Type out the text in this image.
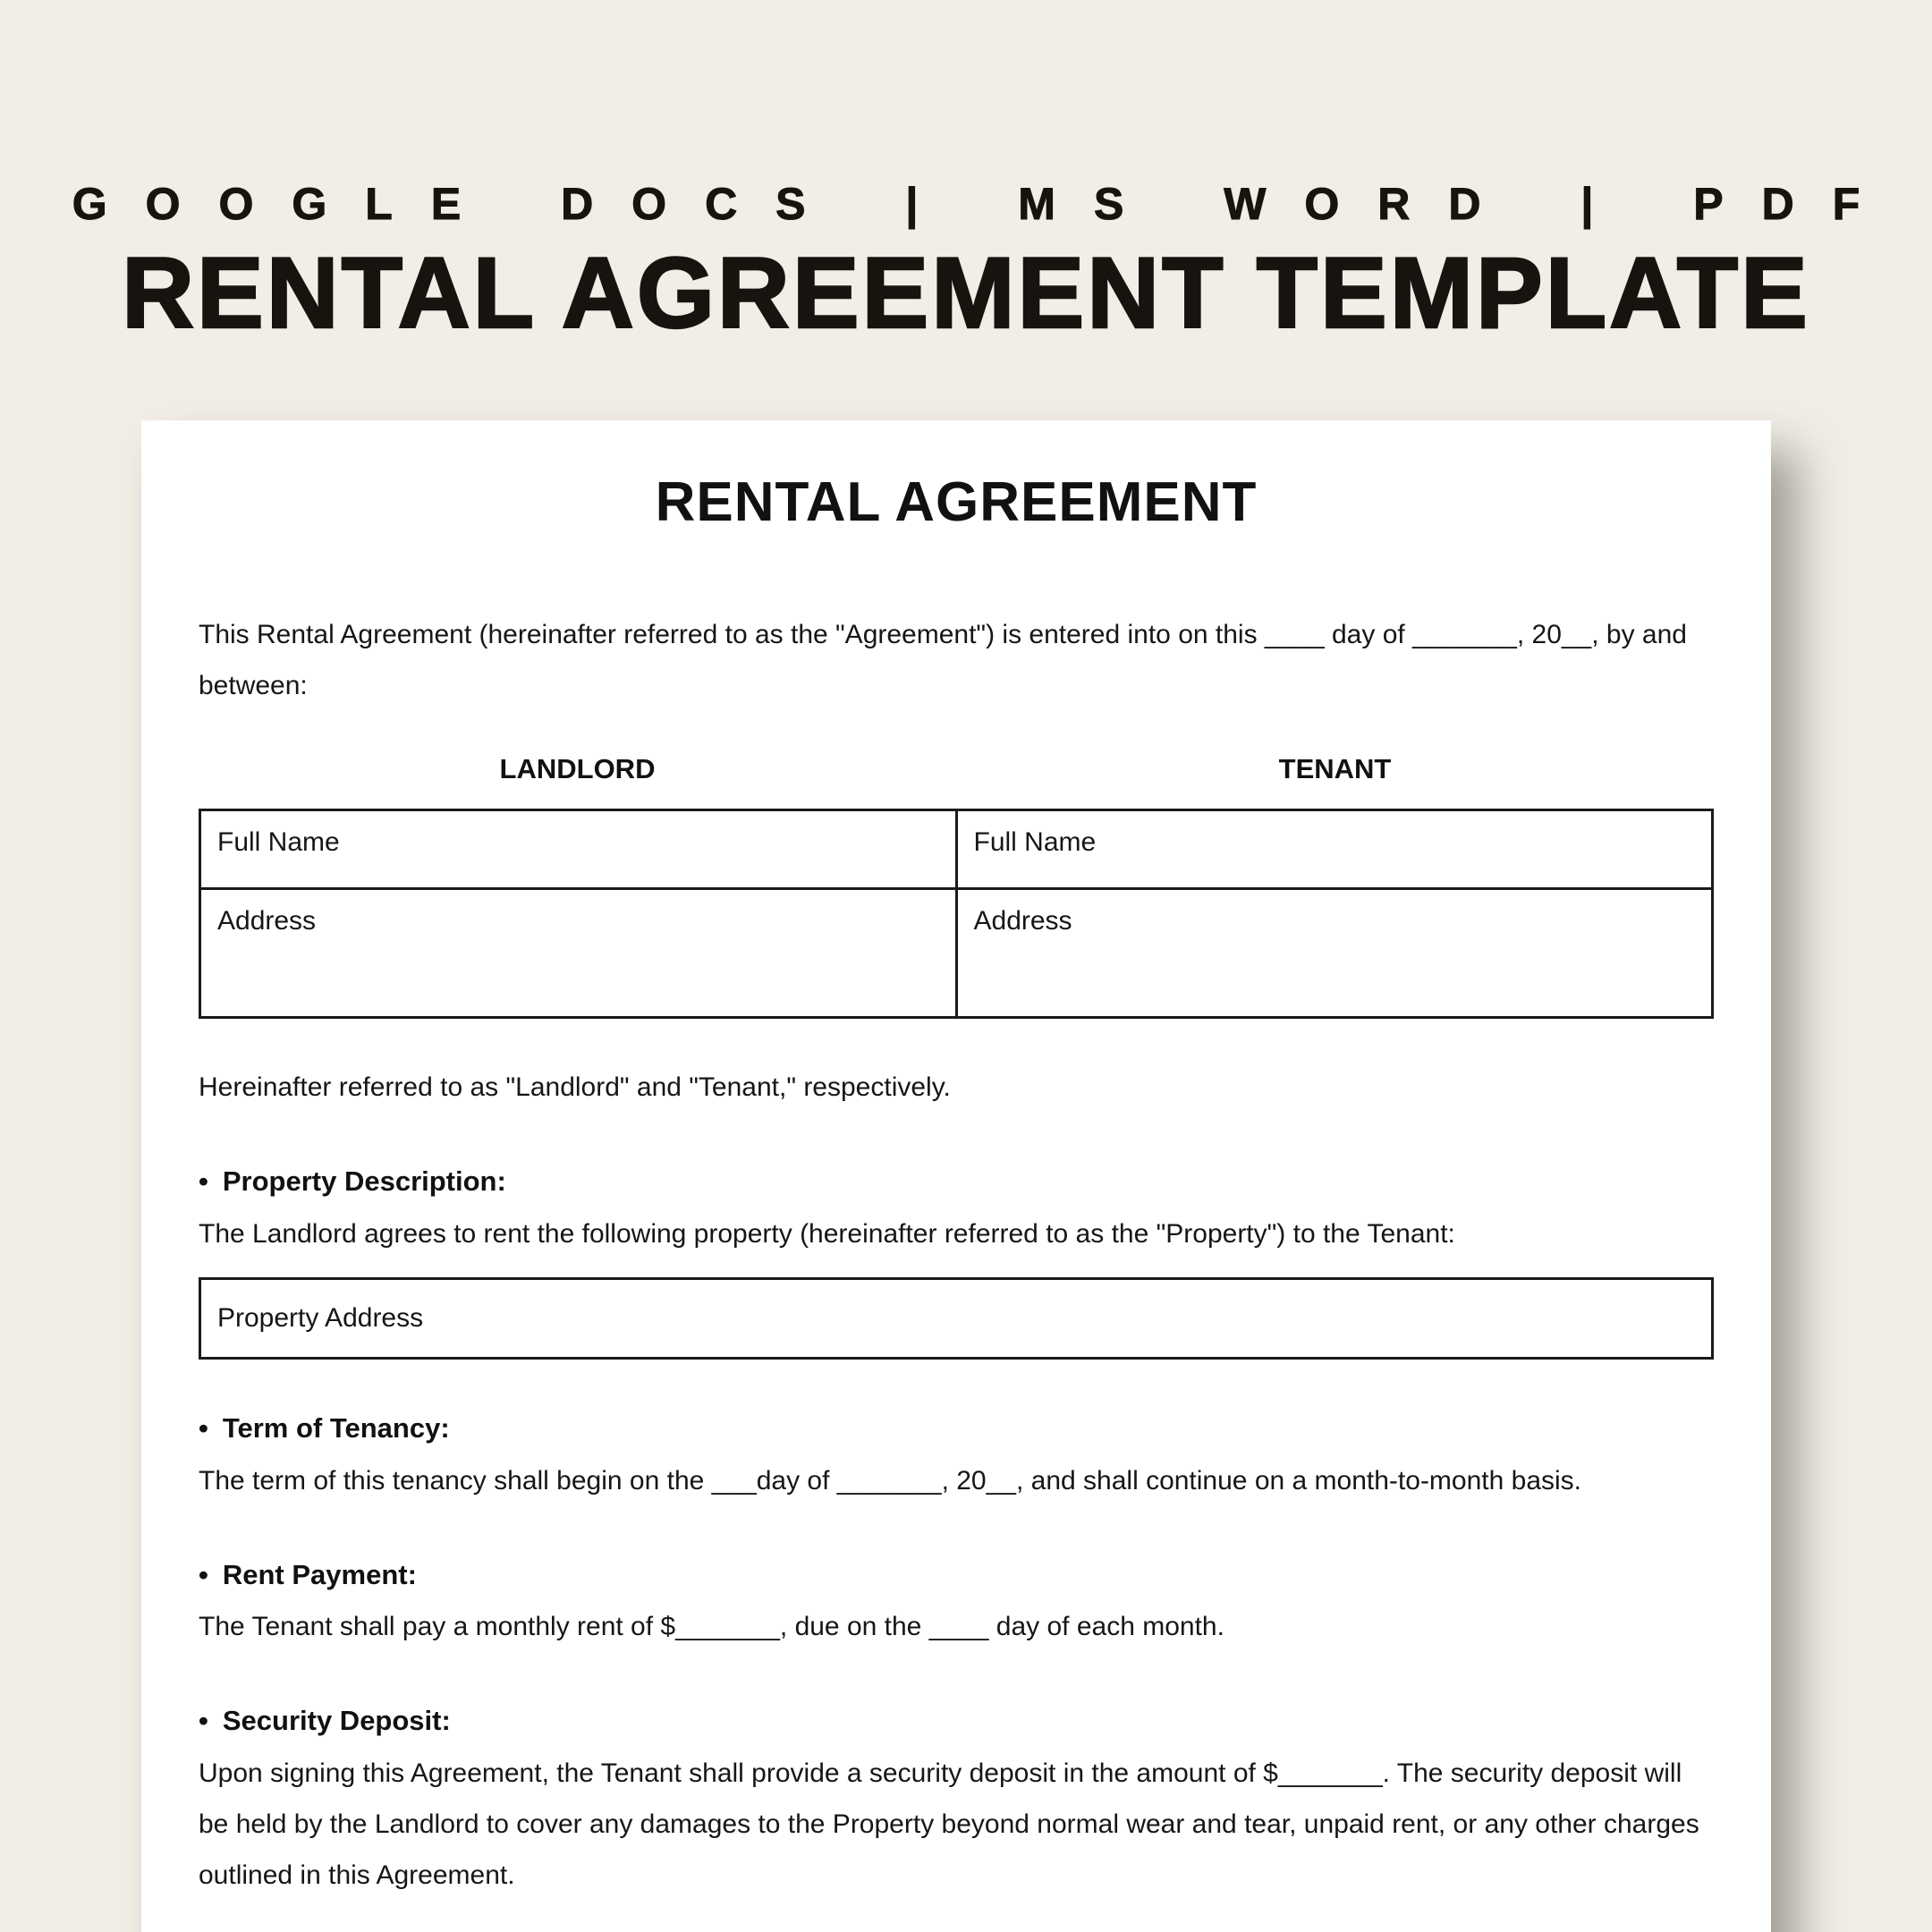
GOOGLE DOCS | MS WORD | PDF
RENTAL AGREEMENT TEMPLATE
RENTAL AGREEMENT

This Rental Agreement (hereinafter referred to as the "Agreement") is entered into on this ____ day of _______, 20__, by and between:

LANDLORD	TENANT
Full Name	Full Name
Address	Address

Hereinafter referred to as "Landlord" and "Tenant," respectively.

• Property Description:

The Landlord agrees to rent the following property (hereinafter referred to as the "Property") to the Tenant:

Property Address
• Term of Tenancy:

The term of this tenancy shall begin on the ___day of _______, 20__, and shall continue on a month-to-month basis.

• Rent Payment:

The Tenant shall pay a monthly rent of $_______, due on the ____ day of each month.

• Security Deposit:

Upon signing this Agreement, the Tenant shall provide a security deposit in the amount of $_______. The security deposit will be held by the Landlord to cover any damages to the Property beyond normal wear and tear, unpaid rent, or any other charges outlined in this Agreement.
